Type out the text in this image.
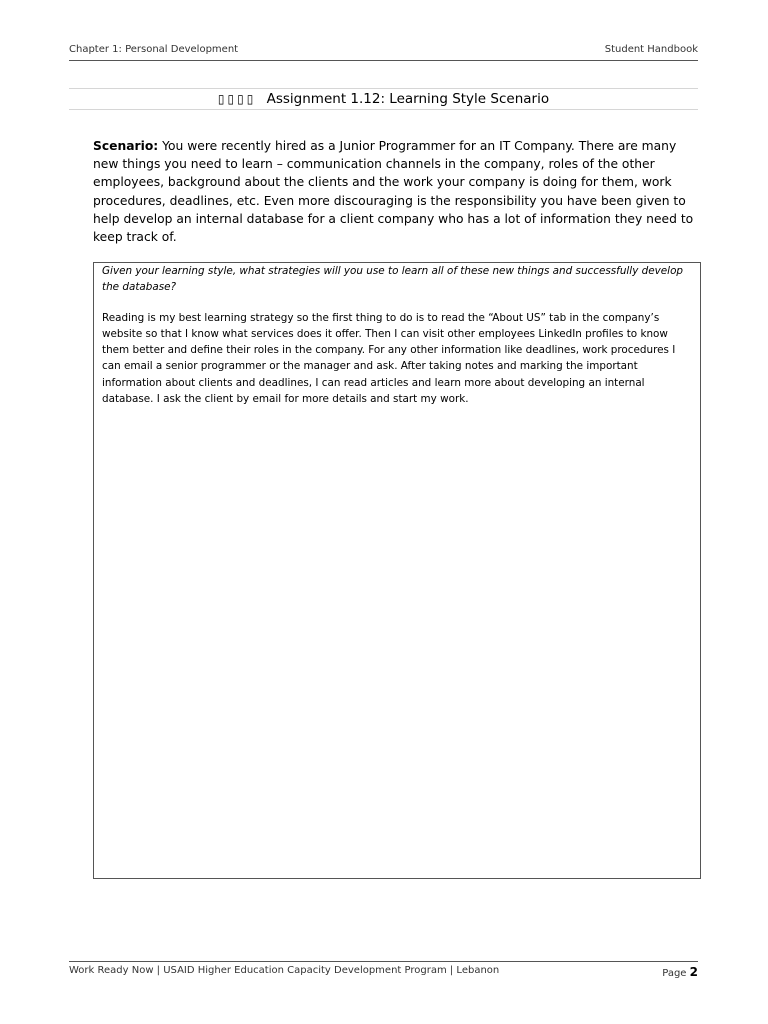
Chapter 1: Personal Development	Student Handbook
▯▯▯▯ Assignment 1.12: Learning Style Scenario
Scenario: You were recently hired as a Junior Programmer for an IT Company. There are many new things you need to learn – communication channels in the company, roles of the other employees, background about the clients and the work your company is doing for them, work procedures, deadlines, etc. Even more discouraging is the responsibility you have been given to help develop an internal database for a client company who has a lot of information they need to keep track of.

Given your learning style, what strategies will you use to learn all of these new things and successfully develop the database?

Reading is my best learning strategy so the first thing to do is to read the “About US” tab in the company’s website so that I know what services does it offer. Then I can visit other employees LinkedIn profiles to know them better and define their roles in the company. For any other information like deadlines, work procedures I can email a senior programmer or the manager and ask. After taking notes and marking the important information about clients and deadlines, I can read articles and learn more about developing an internal database. I ask the client by email for more details and start my work.

Work Ready Now | USAID Higher Education Capacity Development Program | Lebanon	Page 2
